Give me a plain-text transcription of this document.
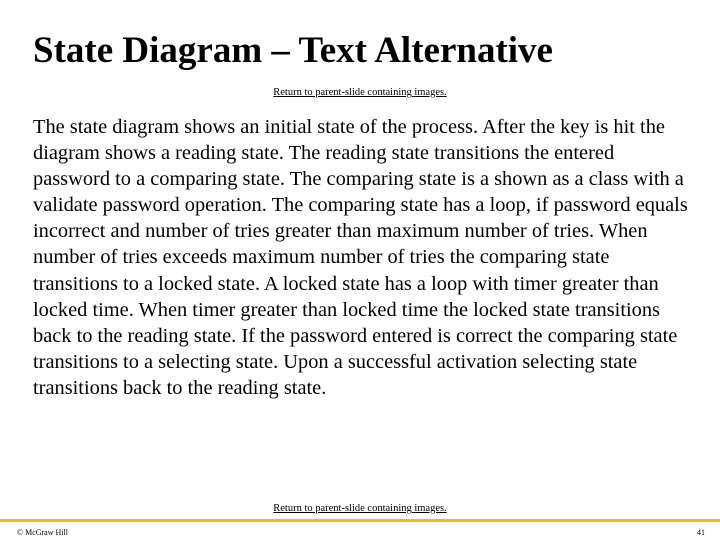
State Diagram – Text Alternative
Return to parent-slide containing images.

The state diagram shows an initial state of the process. After the key is hit the diagram shows a reading state. The reading state transitions the entered password to a comparing state. The comparing state is a shown as a class with a validate password operation. The comparing state has a loop, if password equals incorrect and number of tries greater than maximum number of tries. When number of tries exceeds maximum number of tries the comparing state transitions to a locked state. A locked state has a loop with timer greater than locked time. When timer greater than locked time the locked state transitions back to the reading state. If the password entered is correct the comparing state transitions to a selecting state. Upon a successful activation selecting state transitions back to the reading state.

Return to parent-slide containing images.
© McGraw Hill	41
